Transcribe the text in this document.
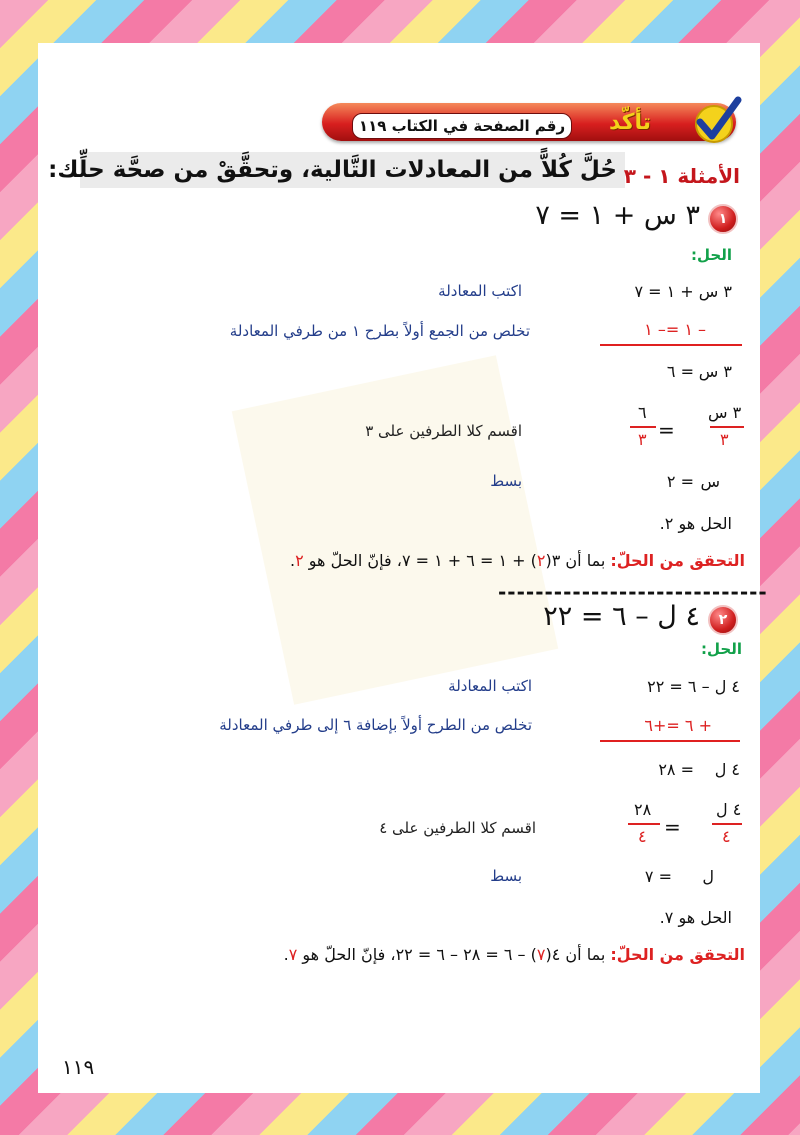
رقم الصفحة في الكتاب ١١٩	تأكّد
حُلَّ كُلاًّ من المعادلات التَّالية، وتحقَّقْ من صحَّة حلِّك: الأمثلة ١ - ٣
١
٣ س + ١ = ٧
الحل:
٣ س + ١ = ٧
اكتب المعادلة
– ١ =– ١
تخلص من الجمع أولاً بطرح ١ من طرفي المعادلة
٣ س
= ٦
٣ س
٣
=
٦
٣
اقسم كلا الطرفين على ٣
س
= ٢
بسط
الحل هو ٢.
التحقق من الحلّ: بما أن ٣(٢) + ١ = ٦ + ١ = ٧، فإنّ الحلّ هو ٢.
-----------------------------
٢
٤ ل – ٦ = ٢٢
الحل:
٤ ل – ٦ = ٢٢
اكتب المعادلة
+ ٦ =+٦
تخلص من الطرح أولاً بإضافة ٦ إلى طرفي المعادلة
٤ ل
= ٢٨
٤ ل
٤
=
٢٨
٤
اقسم كلا الطرفين على ٤
ل
= ٧
بسط
الحل هو ٧.
التحقق من الحلّ: بما أن ٤(٧) – ٦ = ٢٨ – ٦ = ٢٢، فإنّ الحلّ هو ٧.
١١٩
